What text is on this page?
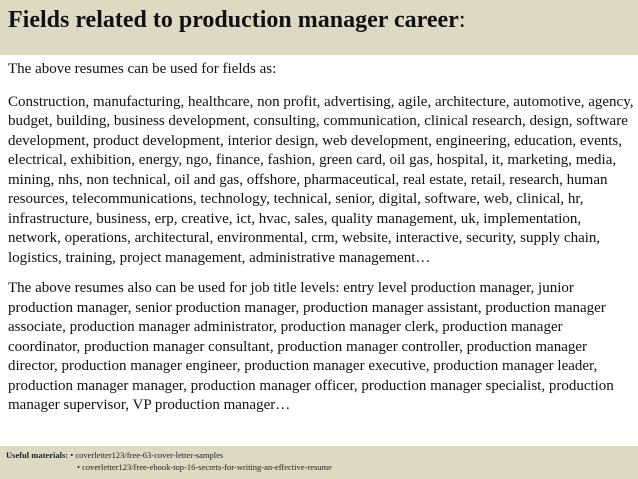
Fields related to production manager career:

The above resumes can be used for fields as:

Construction, manufacturing, healthcare, non profit, advertising, agile, architecture, automotive, agency, budget, building, business development, consulting, communication, clinical research, design, software development, product development, interior design, web development, engineering, education, events, electrical, exhibition, energy, ngo, finance, fashion, green card, oil gas, hospital, it, marketing, media, mining, nhs, non technical, oil and gas, offshore, pharmaceutical, real estate, retail, research, human resources, telecommunications, technology, technical, senior, digital, software, web, clinical, hr, infrastructure, business, erp, creative, ict, hvac, sales, quality management, uk, implementation, network, operations, architectural, environmental, crm, website, interactive, security, supply chain, logistics, training, project management, administrative management…

The above resumes also can be used for job title levels: entry level production manager, junior production manager, senior production manager, production manager assistant, production manager associate, production manager administrator, production manager clerk, production manager coordinator, production manager consultant, production manager controller, production manager director, production manager engineer, production manager executive, production manager leader, production manager manager, production manager officer, production manager specialist, production manager supervisor, VP production manager…

Useful materials: • coverletter123/free-63-cover-letter-samples
• coverletter123/free-ebook-top-16-secrets-for-writing-an-effective-resume
